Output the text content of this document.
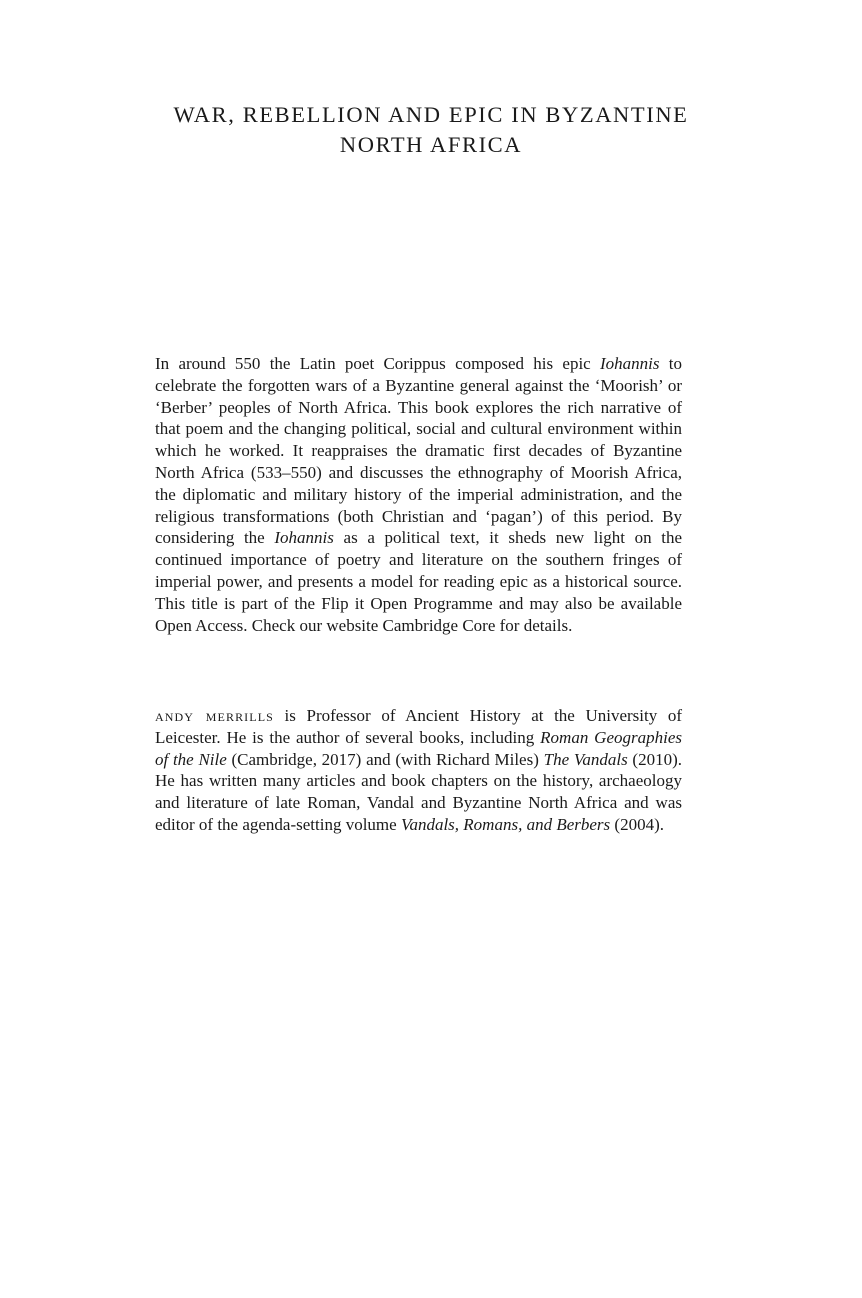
WAR, REBELLION AND EPIC IN BYZANTINE
NORTH AFRICA

In around 550 the Latin poet Corippus composed his epic Iohannis to celebrate the forgotten wars of a Byzantine general against the ‘Moorish’ or ‘Berber’ peoples of North Africa. This book explores the rich narrative of that poem and the changing political, social and cultural environment within which he worked. It reappraises the dramatic first decades of Byzantine North Africa (533–550) and discusses the ethnography of Moorish Africa, the diplomatic and military history of the imperial administration, and the religious transformations (both Christian and ‘pagan’) of this period. By considering the Iohannis as a political text, it sheds new light on the continued importance of poetry and literature on the southern fringes of imperial power, and presents a model for reading epic as a historical source. This title is part of the Flip it Open Programme and may also be available Open Access. Check our website Cambridge Core for details.

andy merrills is Professor of Ancient History at the University of Leicester. He is the author of several books, including Roman Geographies of the Nile (Cambridge, 2017) and (with Richard Miles) The Vandals (2010). He has written many articles and book chapters on the history, archaeology and literature of late Roman, Vandal and Byzantine North Africa and was editor of the agenda-setting volume Vandals, Romans, and Berbers (2004).
